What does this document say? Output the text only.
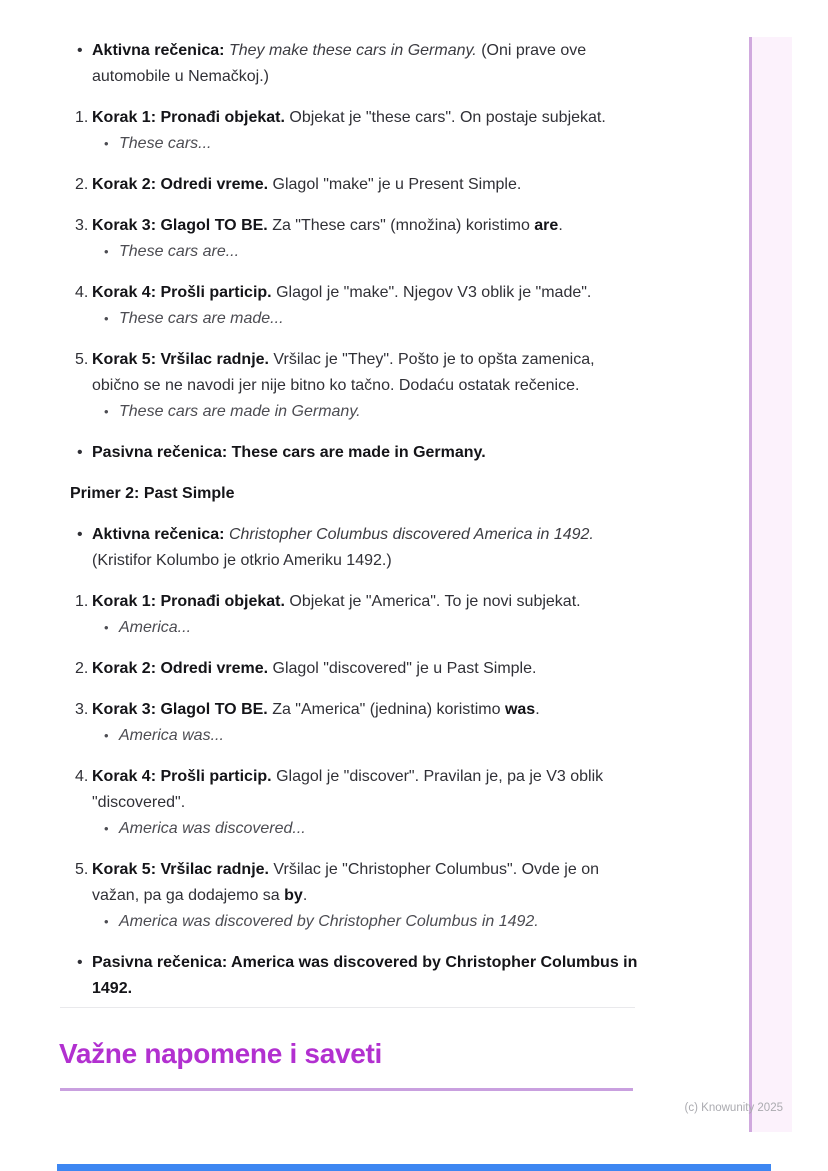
• Aktivna rečenica: They make these cars in Germany. (Oni prave ove automobile u Nemačkoj.)
1. Korak 1: Pronađi objekat. Objekat je "these cars". On postaje subjekat.
• These cars...
2. Korak 2: Odredi vreme. Glagol "make" je u Present Simple.
3. Korak 3: Glagol TO BE. Za "These cars" (množina) koristimo are.
• These cars are...
4. Korak 4: Prošli particip. Glagol je "make". Njegov V3 oblik je "made".
• These cars are made...
5. Korak 5: Vršilac radnje. Vršilac je "They". Pošto je to opšta zamenica, obično se ne navodi jer nije bitno ko tačno. Dodaću ostatak rečenice.
• These cars are made in Germany.
• Pasivna rečenica: These cars are made in Germany.
Primer 2: Past Simple
• Aktivna rečenica: Christopher Columbus discovered America in 1492. (Kristifor Kolumbo je otkrio Ameriku 1492.)
1. Korak 1: Pronađi objekat. Objekat je "America". To je novi subjekat.
• America...
2. Korak 2: Odredi vreme. Glagol "discovered" je u Past Simple.
3. Korak 3: Glagol TO BE. Za "America" (jednina) koristimo was.
• America was...
4. Korak 4: Prošli particip. Glagol je "discover". Pravilan je, pa je V3 oblik "discovered".
• America was discovered...
5. Korak 5: Vršilac radnje. Vršilac je "Christopher Columbus". Ovde je on važan, pa ga dodajemo sa by.
• America was discovered by Christopher Columbus in 1492.
• Pasivna rečenica: America was discovered by Christopher Columbus in 1492.
Važne napomene i saveti
(c) Knowunity 2025
